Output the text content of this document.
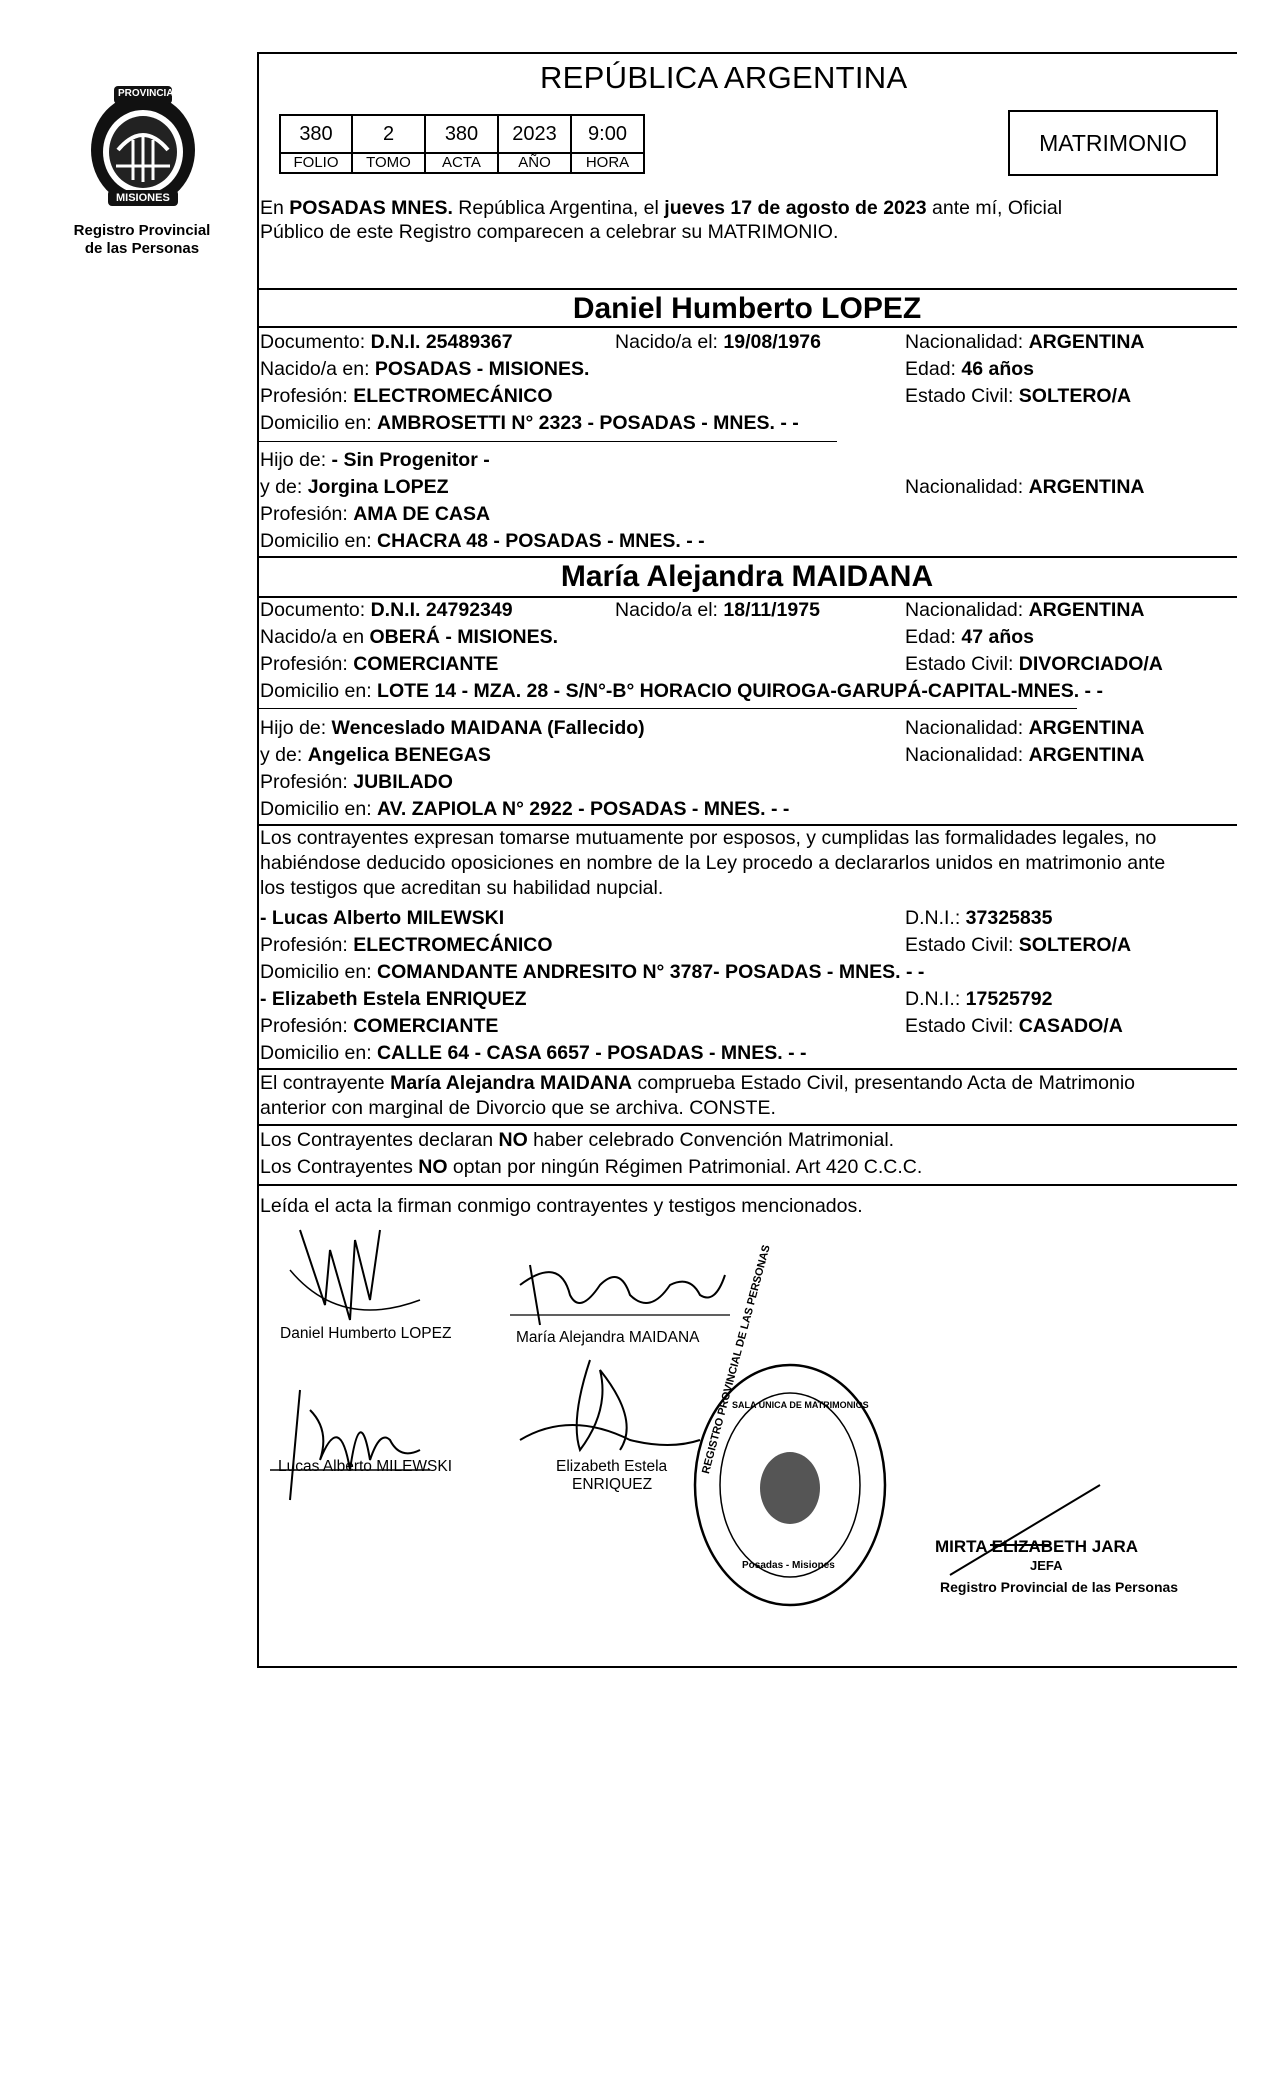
PROVINCIA
MISIONES
Registro Provincial
de las Personas
REPÚBLICA ARGENTINA
380	2	380	2023	9:00
FOLIO	TOMO	ACTA	AÑO	HORA
MATRIMONIO
En POSADAS MNES. República Argentina, el jueves 17 de agosto de 2023 ante mí, Oficial
Público de este Registro comparecen a celebrar su MATRIMONIO.
Daniel Humberto LOPEZ
Documento: D.N.I. 25489367	Nacido/a el: 19/08/1976	Nacionalidad: ARGENTINA
Nacido/a en: POSADAS - MISIONES.	Edad: 46 años
Profesión: ELECTROMECÁNICO	Estado Civil: SOLTERO/A
Domicilio en: AMBROSETTI N° 2323 - POSADAS - MNES. - -
Hijo de: - Sin Progenitor -
y de: Jorgina LOPEZ	Nacionalidad: ARGENTINA
Profesión: AMA DE CASA
Domicilio en: CHACRA 48 - POSADAS - MNES. - -
María Alejandra MAIDANA
Documento: D.N.I. 24792349	Nacido/a el: 18/11/1975	Nacionalidad: ARGENTINA
Nacido/a en OBERÁ - MISIONES.	Edad: 47 años
Profesión: COMERCIANTE	Estado Civil: DIVORCIADO/A
Domicilio en: LOTE 14 - MZA. 28 - S/N°-B° HORACIO QUIROGA-GARUPÁ-CAPITAL-MNES. - -
Hijo de: Wenceslado MAIDANA (Fallecido)	Nacionalidad: ARGENTINA
y de: Angelica BENEGAS	Nacionalidad: ARGENTINA
Profesión: JUBILADO
Domicilio en: AV. ZAPIOLA N° 2922 - POSADAS - MNES. - -
Los contrayentes expresan tomarse mutuamente por esposos, y cumplidas las formalidades legales, no
habiéndose deducido oposiciones en nombre de la Ley procedo a declararlos unidos en matrimonio ante
los testigos que acreditan su habilidad nupcial.
- Lucas Alberto MILEWSKI	D.N.I.: 37325835
Profesión: ELECTROMECÁNICO	Estado Civil: SOLTERO/A
Domicilio en: COMANDANTE ANDRESITO N° 3787- POSADAS - MNES. - -
- Elizabeth Estela ENRIQUEZ	D.N.I.: 17525792
Profesión: COMERCIANTE	Estado Civil: CASADO/A
Domicilio en: CALLE 64 - CASA 6657 - POSADAS - MNES. - -
El contrayente María Alejandra MAIDANA comprueba Estado Civil, presentando Acta de Matrimonio
anterior con marginal de Divorcio que se archiva. CONSTE.
Los Contrayentes declaran NO haber celebrado Convención Matrimonial.
Los Contrayentes NO optan por ningún Régimen Patrimonial. Art 420 C.C.C.
Leída el acta la firman conmigo contrayentes y testigos mencionados.
Daniel Humberto LOPEZ	María Alejandra MAIDANA
Lucas Alberto MILEWSKI	Elizabeth Estela
ENRIQUEZ
REGISTRO PROVINCIAL DE LAS PERSONAS
SALA ÚNICA DE MATRIMONIOS
Posadas - Misiones
MIRTA ELIZABETH JARA
JEFA
Registro Provincial de las Personas
